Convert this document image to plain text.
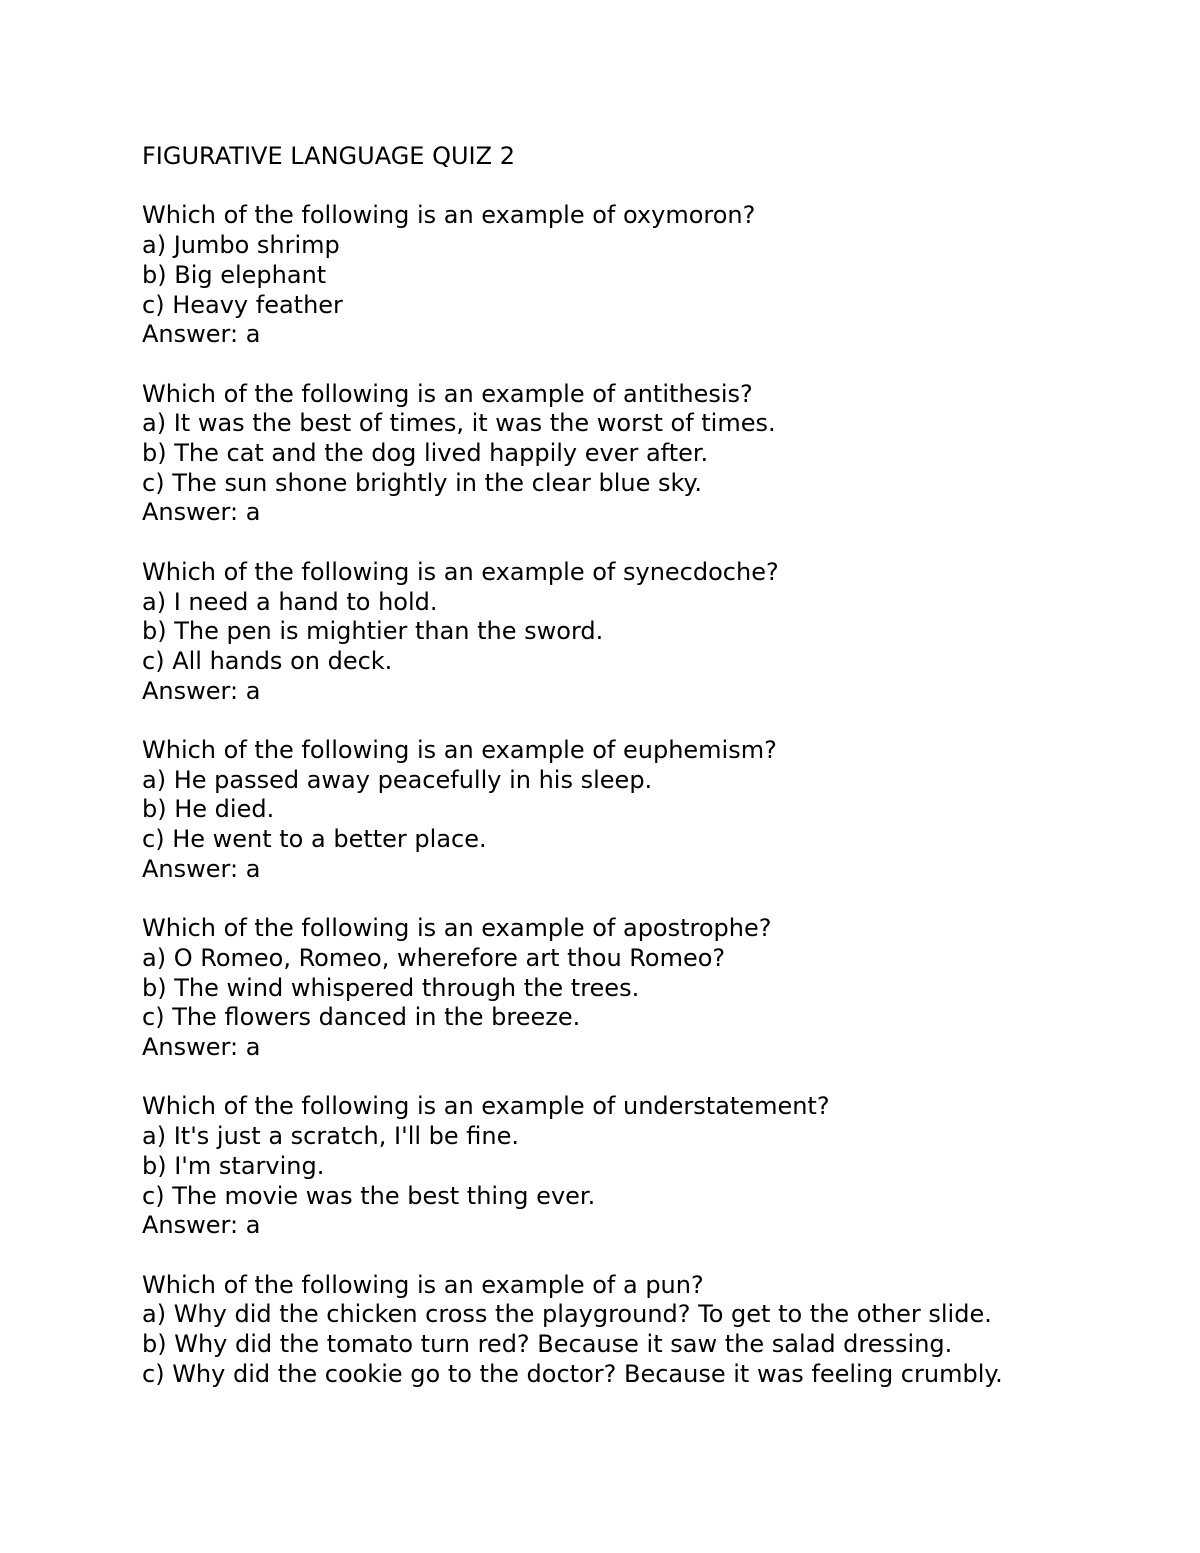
FIGURATIVE LANGUAGE QUIZ 2
Which of the following is an example of oxymoron?
a) Jumbo shrimp
b) Big elephant
c) Heavy feather
Answer: a
Which of the following is an example of antithesis?
a) It was the best of times, it was the worst of times.
b) The cat and the dog lived happily ever after.
c) The sun shone brightly in the clear blue sky.
Answer: a
Which of the following is an example of synecdoche?
a) I need a hand to hold.
b) The pen is mightier than the sword.
c) All hands on deck.
Answer: a
Which of the following is an example of euphemism?
a) He passed away peacefully in his sleep.
b) He died.
c) He went to a better place.
Answer: a
Which of the following is an example of apostrophe?
a) O Romeo, Romeo, wherefore art thou Romeo?
b) The wind whispered through the trees.
c) The flowers danced in the breeze.
Answer: a
Which of the following is an example of understatement?
a) It's just a scratch, I'll be fine.
b) I'm starving.
c) The movie was the best thing ever.
Answer: a
Which of the following is an example of a pun?
a) Why did the chicken cross the playground? To get to the other slide.
b) Why did the tomato turn red? Because it saw the salad dressing.
c) Why did the cookie go to the doctor? Because it was feeling crumbly.
